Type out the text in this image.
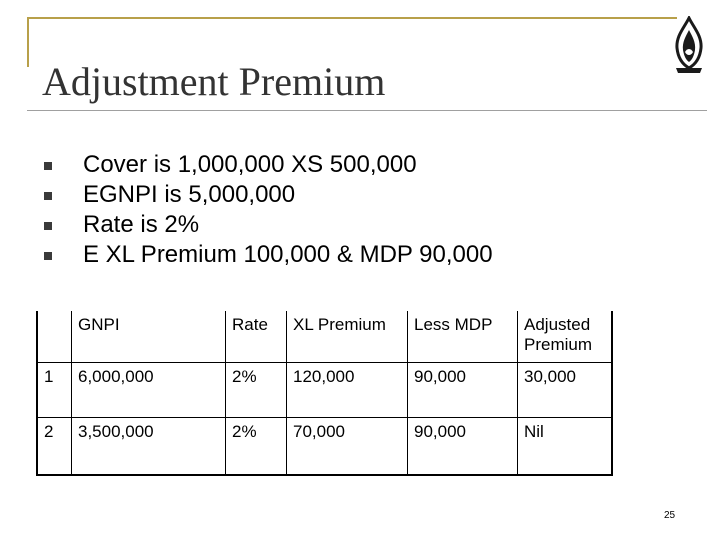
Adjustment Premium
Cover is 1,000,000 XS 500,000
EGNPI is 5,000,000
Rate is 2%
E XL Premium 100,000 & MDP 90,000
	GNPI	Rate	XL Premium	Less MDP	Adjusted Premium
1	6,000,000	2%	120,000	90,000	30,000
2	3,500,000	2%	70,000	90,000	Nil
25
